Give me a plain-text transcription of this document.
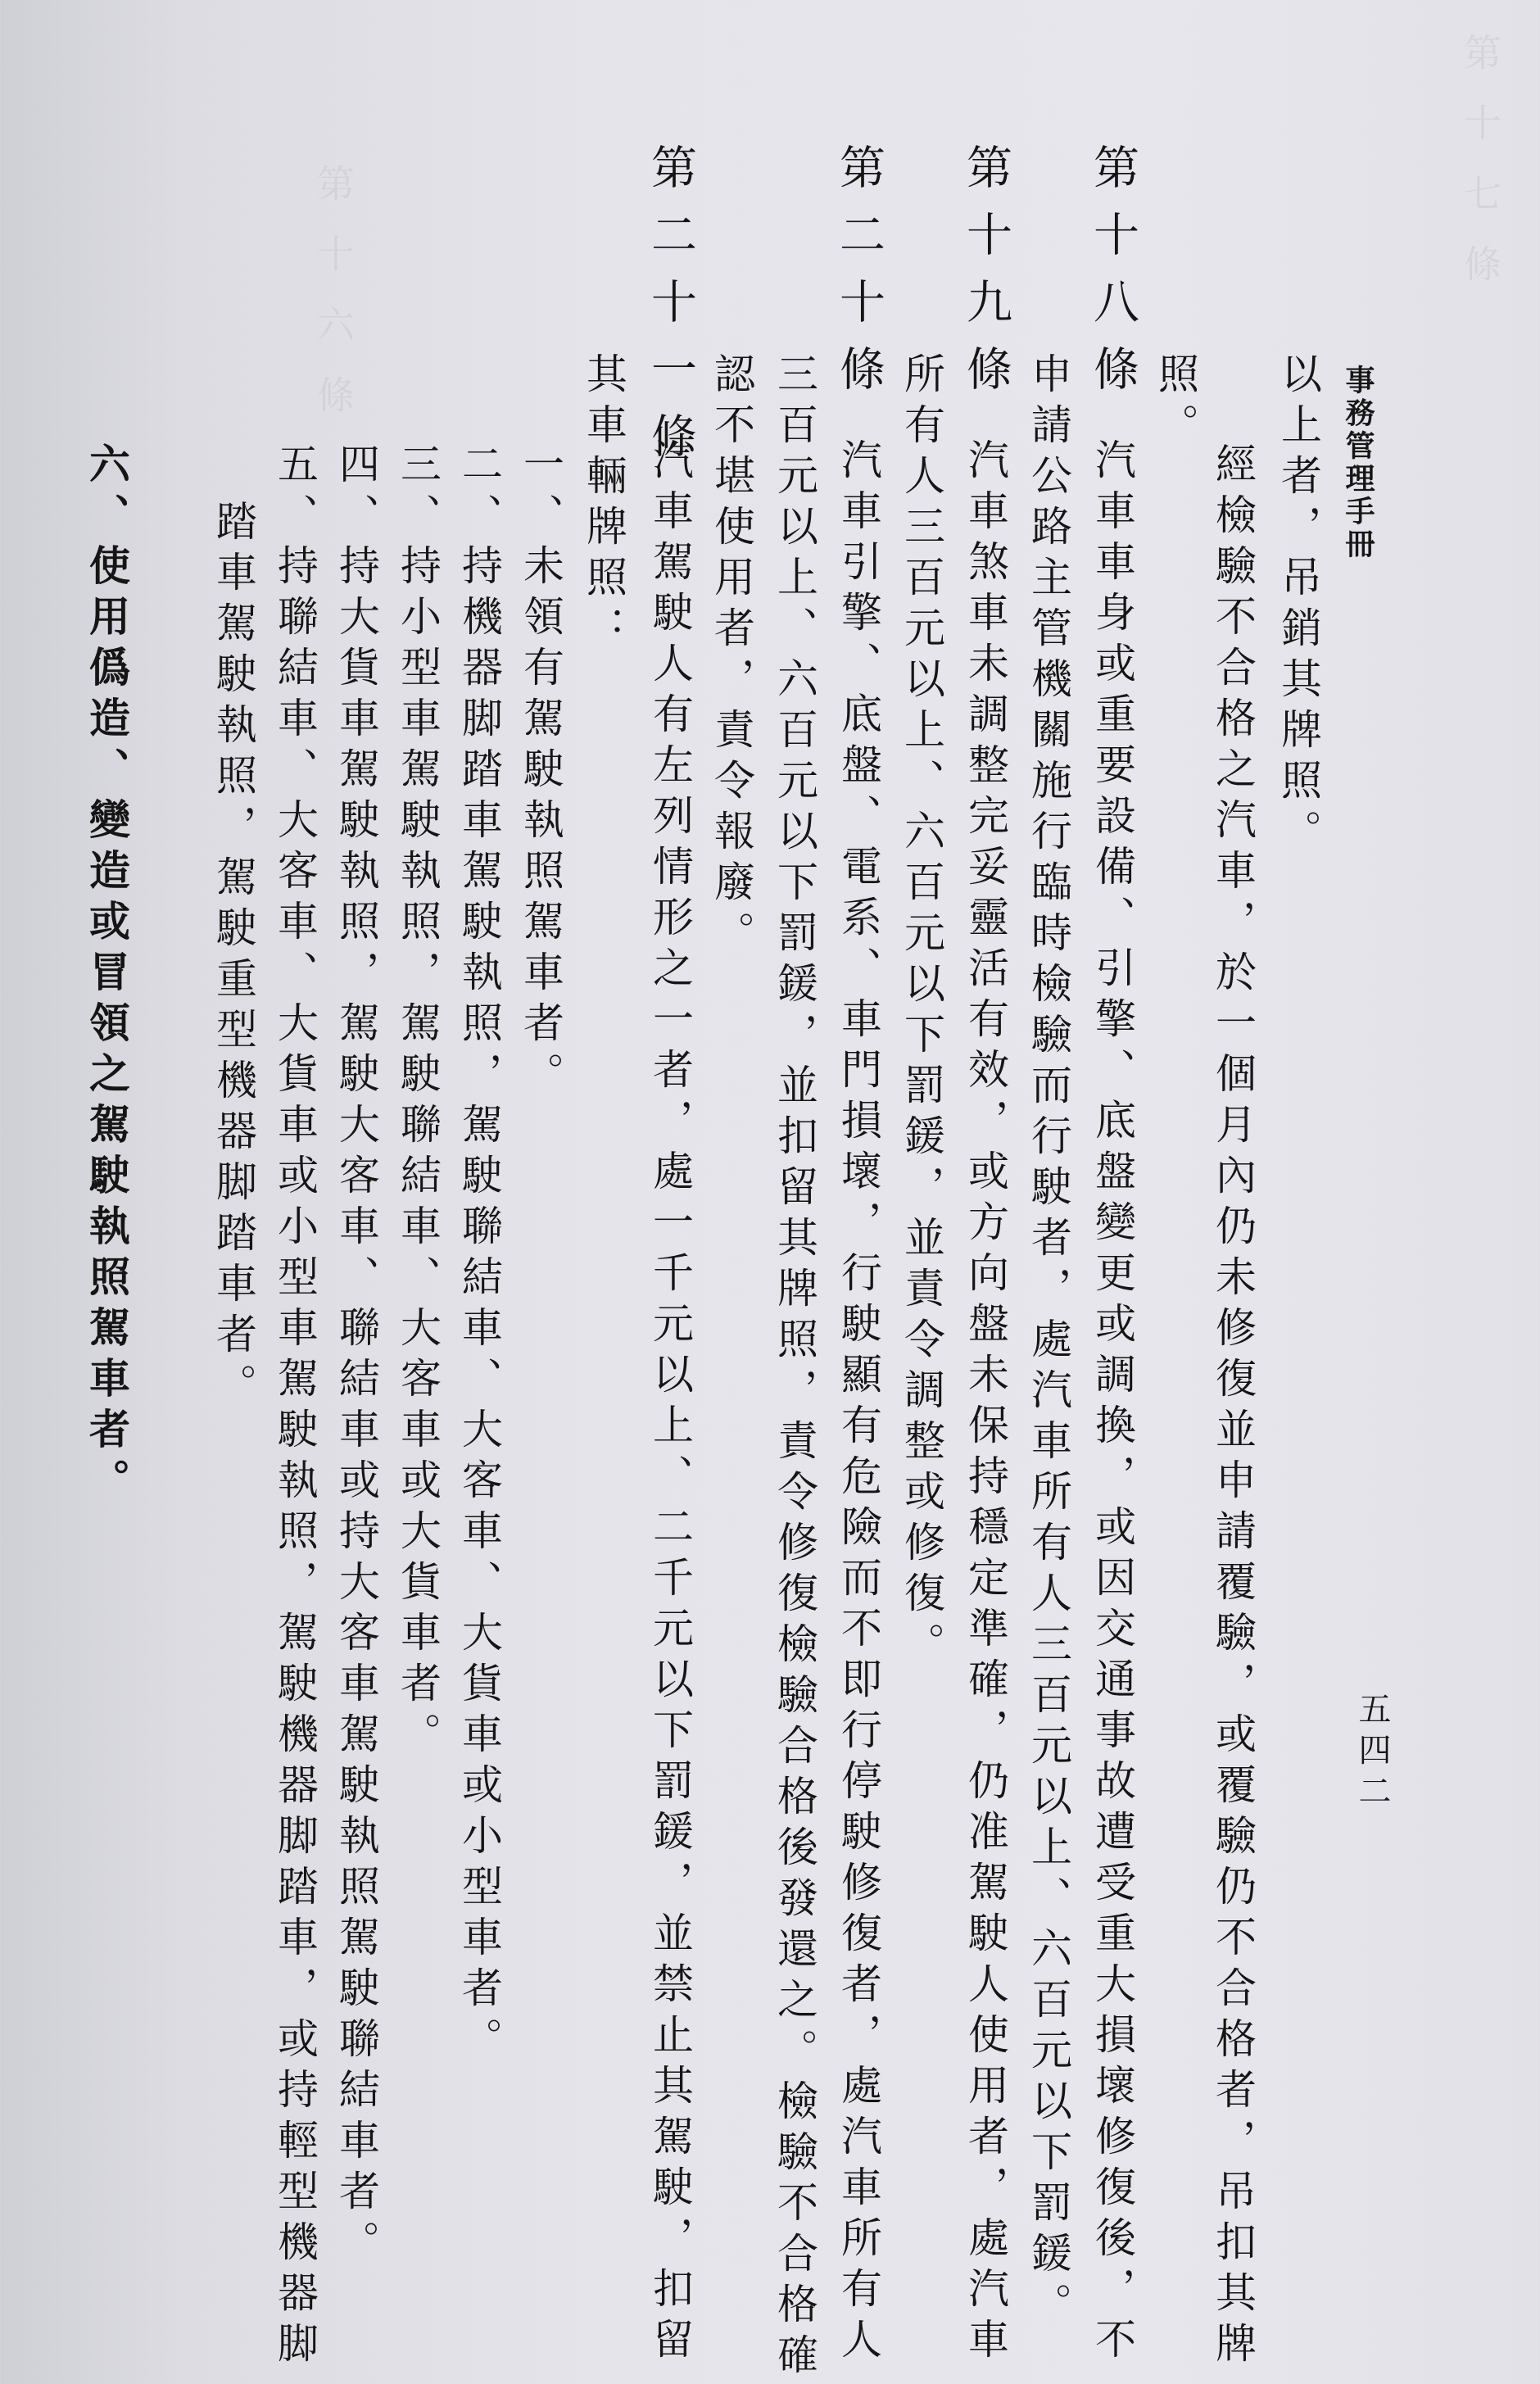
第十七條
第十六條
事務管理手冊
五四二
以上者，吊銷其牌照。
經檢驗不合格之汽車，於一個月內仍未修復並申請覆驗，或覆驗仍不合格者，吊扣其牌
照。
第十八條
汽車車身或重要設備、引擎、底盤變更或調換，或因交通事故遭受重大損壞修復後，不
申請公路主管機關施行臨時檢驗而行駛者，處汽車所有人三百元以上、六百元以下罰鍰。
第十九條
汽車煞車未調整完妥靈活有效，或方向盤未保持穩定準確，仍准駕駛人使用者，處汽車
所有人三百元以上、六百元以下罰鍰，並責令調整或修復。
第二十條
汽車引擎、底盤、電系、車門損壞，行駛顯有危險而不即行停駛修復者，處汽車所有人
三百元以上、六百元以下罰鍰，並扣留其牌照，責令修復檢驗合格後發還之。檢驗不合格確
認不堪使用者，責令報廢。
第二十一條
汽車駕駛人有左列情形之一者，處一千元以上、二千元以下罰鍰，並禁止其駕駛，扣留
其車輛牌照：
一、未領有駕駛執照駕車者。
二、持機器脚踏車駕駛執照，駕駛聯結車、大客車、大貨車或小型車者。
三、持小型車駕駛執照，駕駛聯結車、大客車或大貨車者。
四、持大貨車駕駛執照，駕駛大客車、聯結車或持大客車駕駛執照駕駛聯結車者。
五、持聯結車、大客車、大貨車或小型車駕駛執照，駕駛機器脚踏車，或持輕型機器脚
踏車駕駛執照，駕駛重型機器脚踏車者。
六、使用僞造、變造或冒領之駕駛執照駕車者。
